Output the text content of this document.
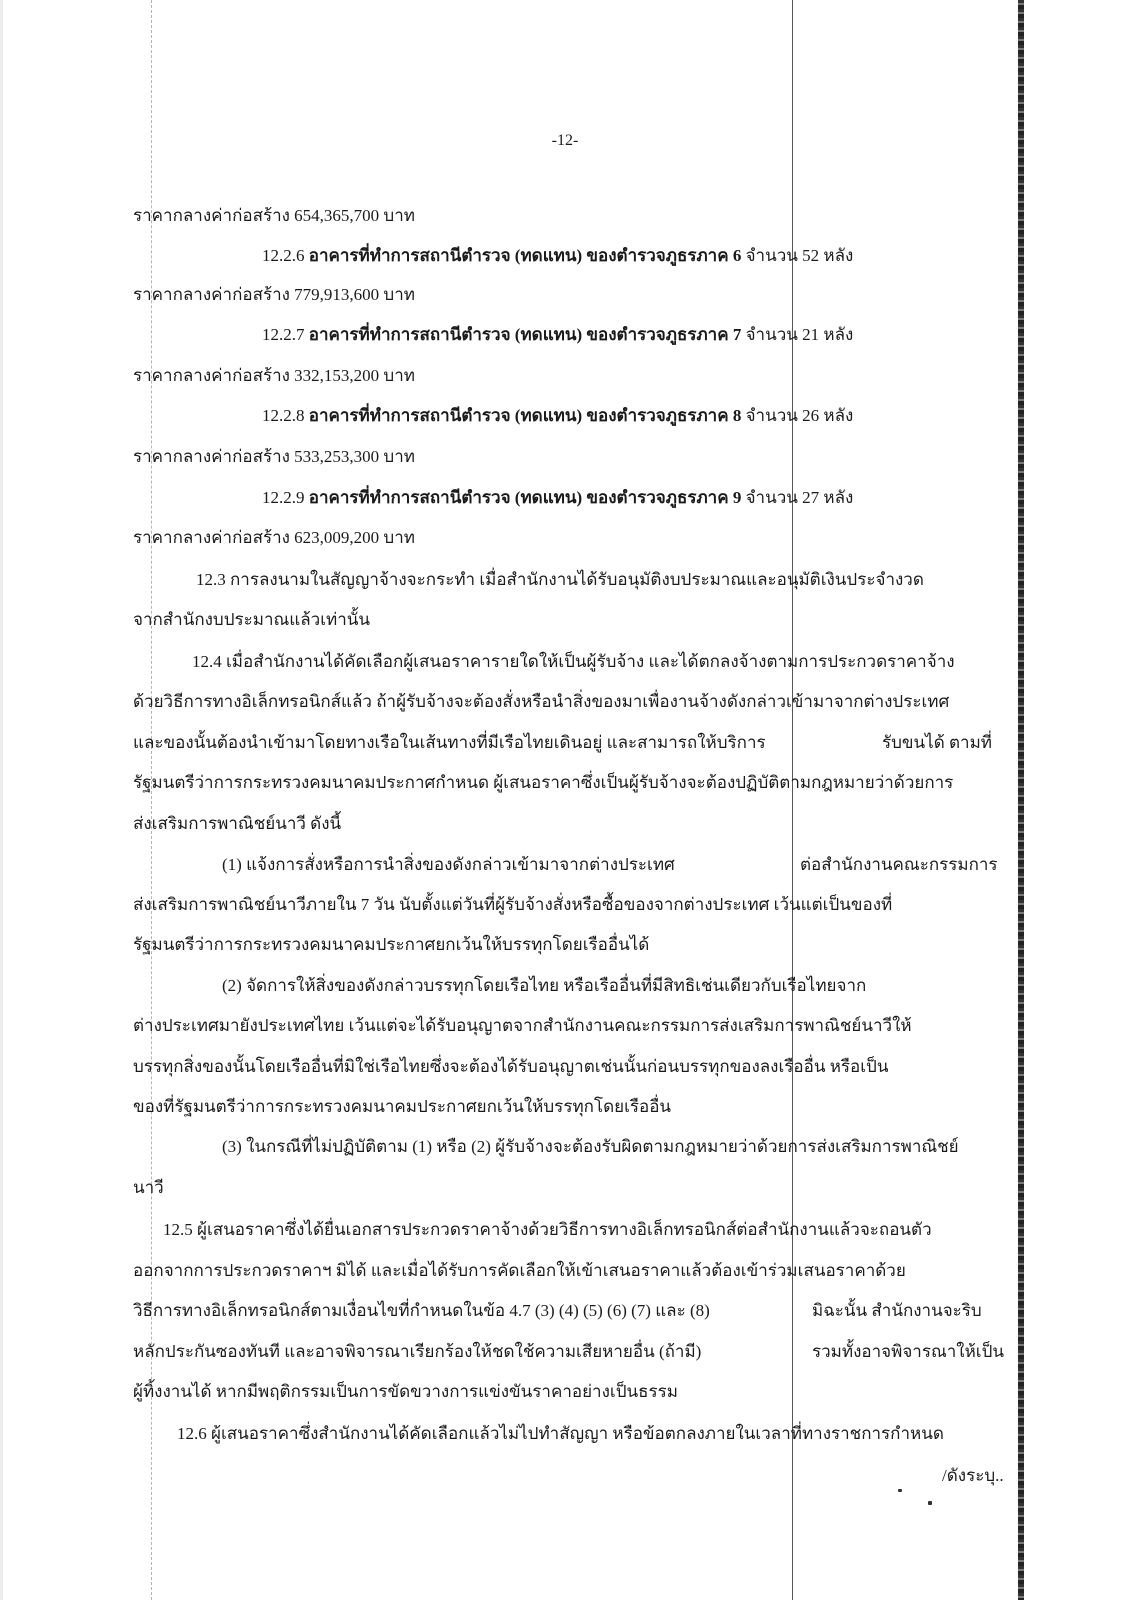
-12-
ราคากลางค่าก่อสร้าง 654,365,700 บาท
12.2.6 อาคารที่ทำการสถานีตำรวจ (ทดแทน) ของตำรวจภูธรภาค 6 จำนวน 52 หลัง
ราคากลางค่าก่อสร้าง 779,913,600 บาท
12.2.7 อาคารที่ทำการสถานีตำรวจ (ทดแทน) ของตำรวจภูธรภาค 7 จำนวน 21 หลัง
ราคากลางค่าก่อสร้าง 332,153,200 บาท
12.2.8 อาคารที่ทำการสถานีตำรวจ (ทดแทน) ของตำรวจภูธรภาค 8 จำนวน 26 หลัง
ราคากลางค่าก่อสร้าง 533,253,300 บาท
12.2.9 อาคารที่ทำการสถานีตำรวจ (ทดแทน) ของตำรวจภูธรภาค 9 จำนวน 27 หลัง
ราคากลางค่าก่อสร้าง 623,009,200 บาท
12.3 การลงนามในสัญญาจ้างจะกระทำ เมื่อสำนักงานได้รับอนุมัติงบประมาณและอนุมัติเงินประจำงวด
จากสำนักงบประมาณแล้วเท่านั้น
12.4 เมื่อสำนักงานได้คัดเลือกผู้เสนอราคารายใดให้เป็นผู้รับจ้าง และได้ตกลงจ้างตามการประกวดราคาจ้าง
ด้วยวิธีการทางอิเล็กทรอนิกส์แล้ว ถ้าผู้รับจ้างจะต้องสั่งหรือนำสิ่งของมาเพื่องานจ้างดังกล่าวเข้ามาจากต่างประเทศ
และของนั้นต้องนำเข้ามาโดยทางเรือในเส้นทางที่มีเรือไทยเดินอยู่ และสามารถให้บริการ	รับขนได้ ตามที่
รัฐมนตรีว่าการกระทรวงคมนาคมประกาศกำหนด ผู้เสนอราคาซึ่งเป็นผู้รับจ้างจะต้องปฏิบัติตามกฎหมายว่าด้วยการ
ส่งเสริมการพาณิชย์นาวี ดังนี้
(1) แจ้งการสั่งหรือการนำสิ่งของดังกล่าวเข้ามาจากต่างประเทศ	ต่อสำนักงานคณะกรรมการ
ส่งเสริมการพาณิชย์นาวีภายใน 7 วัน นับตั้งแต่วันที่ผู้รับจ้างสั่งหรือซื้อของจากต่างประเทศ เว้นแต่เป็นของที่
รัฐมนตรีว่าการกระทรวงคมนาคมประกาศยกเว้นให้บรรทุกโดยเรืออื่นได้
(2) จัดการให้สิ่งของดังกล่าวบรรทุกโดยเรือไทย หรือเรืออื่นที่มีสิทธิเช่นเดียวกับเรือไทยจาก
ต่างประเทศมายังประเทศไทย เว้นแต่จะได้รับอนุญาตจากสำนักงานคณะกรรมการส่งเสริมการพาณิชย์นาวีให้
บรรทุกสิ่งของนั้นโดยเรืออื่นที่มิใช่เรือไทยซึ่งจะต้องได้รับอนุญาตเช่นนั้นก่อนบรรทุกของลงเรืออื่น หรือเป็น
ของที่รัฐมนตรีว่าการกระทรวงคมนาคมประกาศยกเว้นให้บรรทุกโดยเรืออื่น
(3) ในกรณีที่ไม่ปฏิบัติตาม (1) หรือ (2) ผู้รับจ้างจะต้องรับผิดตามกฎหมายว่าด้วยการส่งเสริมการพาณิชย์
นาวี
12.5 ผู้เสนอราคาซึ่งได้ยื่นเอกสารประกวดราคาจ้างด้วยวิธีการทางอิเล็กทรอนิกส์ต่อสำนักงานแล้วจะถอนตัว
ออกจากการประกวดราคาฯ มิได้ และเมื่อได้รับการคัดเลือกให้เข้าเสนอราคาแล้วต้องเข้าร่วมเสนอราคาด้วย
วิธีการทางอิเล็กทรอนิกส์ตามเงื่อนไขที่กำหนดในข้อ 4.7 (3) (4) (5) (6) (7) และ (8)	มิฉะนั้น สำนักงานจะริบ
หลักประกันซองทันที และอาจพิจารณาเรียกร้องให้ชดใช้ความเสียหายอื่น (ถ้ามี)	รวมทั้งอาจพิจารณาให้เป็น
ผู้ทิ้งงานได้ หากมีพฤติกรรมเป็นการขัดขวางการแข่งขันราคาอย่างเป็นธรรม
12.6 ผู้เสนอราคาซึ่งสำนักงานได้คัดเลือกแล้วไม่ไปทำสัญญา หรือข้อตกลงภายในเวลาที่ทางราชการกำหนด
/ดังระบุ..
